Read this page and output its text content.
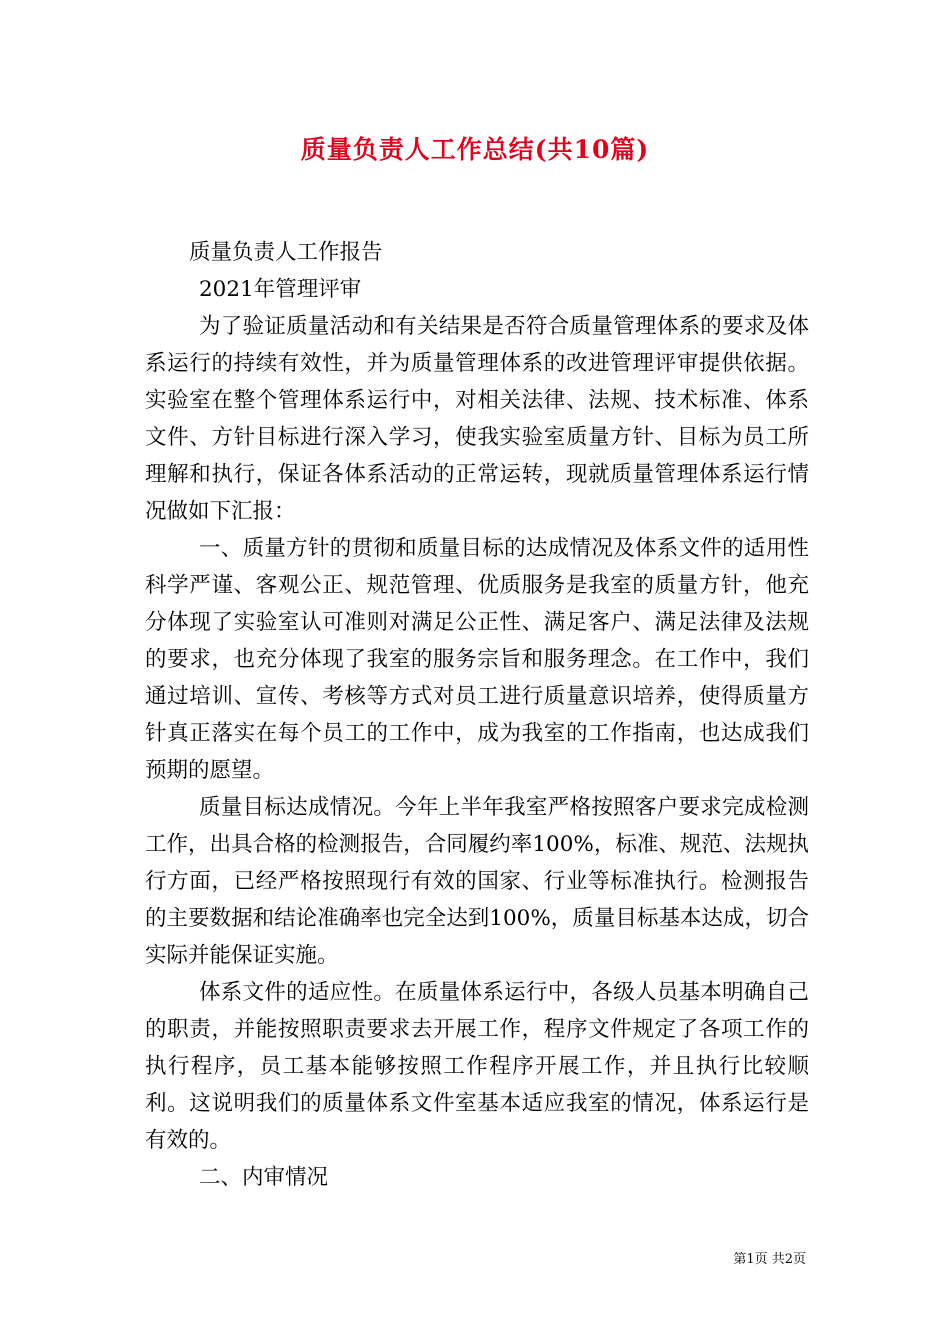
质量负责人工作总结(共10篇)

质量负责人工作报告

2021年管理评审

为了验证质量活动和有关结果是否符合质量管理体系的要求及体系运行的持续有效性，并为质量管理体系的改进管理评审提供依据。实验室在整个管理体系运行中，对相关法律、法规、技术标准、体系文件、方针目标进行深入学习，使我实验室质量方针、目标为员工所理解和执行，保证各体系活动的正常运转，现就质量管理体系运行情况做如下汇报：

一、质量方针的贯彻和质量目标的达成情况及体系文件的适用性科学严谨、客观公正、规范管理、优质服务是我室的质量方针，他充分体现了实验室认可准则对满足公正性、满足客户、满足法律及法规的要求，也充分体现了我室的服务宗旨和服务理念。在工作中，我们通过培训、宣传、考核等方式对员工进行质量意识培养，使得质量方针真正落实在每个员工的工作中，成为我室的工作指南，也达成我们预期的愿望。

质量目标达成情况。今年上半年我室严格按照客户要求完成检测工作，出具合格的检测报告，合同履约率100%，标准、规范、法规执行方面，已经严格按照现行有效的国家、行业等标准执行。检测报告的主要数据和结论准确率也完全达到100%，质量目标基本达成，切合实际并能保证实施。

体系文件的适应性。在质量体系运行中，各级人员基本明确自己的职责，并能按照职责要求去开展工作，程序文件规定了各项工作的执行程序，员工基本能够按照工作程序开展工作，并且执行比较顺利。这说明我们的质量体系文件室基本适应我室的情况，体系运行是有效的。

二、内审情况

第1页 共2页
